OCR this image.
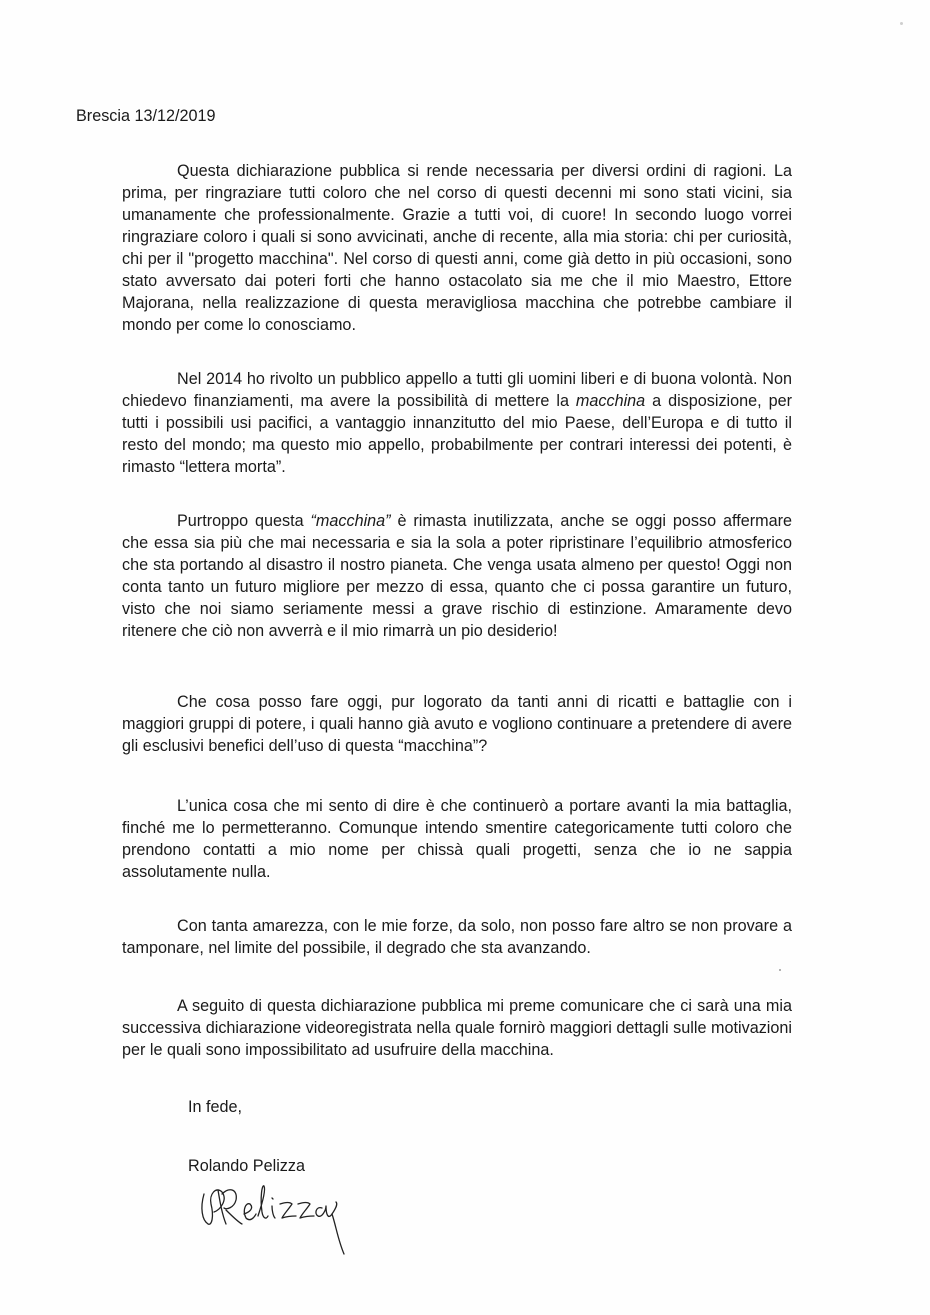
Brescia 13/12/2019

Questa dichiarazione pubblica si rende necessaria per diversi ordini di ragioni. La prima, per ringraziare tutti coloro che nel corso di questi decenni mi sono stati vicini, sia umanamente che professionalmente. Grazie a tutti voi, di cuore! In secondo luogo vorrei ringraziare coloro i quali si sono avvicinati, anche di recente, alla mia storia: chi per curiosità, chi per il "progetto macchina". Nel corso di questi anni, come già detto in più occasioni, sono stato avversato dai poteri forti che hanno ostacolato sia me che il mio Maestro, Ettore Majorana, nella realizzazione di questa meravigliosa macchina che potrebbe cambiare il mondo per come lo conosciamo.

Nel 2014 ho rivolto un pubblico appello a tutti gli uomini liberi e di buona volontà. Non chiedevo finanziamenti, ma avere la possibilità di mettere la macchina a disposizione, per tutti i possibili usi pacifici, a vantaggio innanzitutto del mio Paese, dell’Europa e di tutto il resto del mondo; ma questo mio appello, probabilmente per contrari interessi dei potenti, è rimasto “lettera morta”.

Purtroppo questa “macchina” è rimasta inutilizzata, anche se oggi posso affermare che essa sia più che mai necessaria e sia la sola a poter ripristinare l’equilibrio atmosferico che sta portando al disastro il nostro pianeta. Che venga usata almeno per questo! Oggi non conta tanto un futuro migliore per mezzo di essa, quanto che ci possa garantire un futuro, visto che noi siamo seriamente messi a grave rischio di estinzione. Amaramente devo ritenere che ciò non avverrà e il mio rimarrà un pio desiderio!

Che cosa posso fare oggi, pur logorato da tanti anni di ricatti e battaglie con i maggiori gruppi di potere, i quali hanno già avuto e vogliono continuare a pretendere di avere gli esclusivi benefici dell’uso di questa “macchina”?

L’unica cosa che mi sento di dire è che continuerò a portare avanti la mia battaglia, finché me lo permetteranno. Comunque intendo smentire categoricamente tutti coloro che prendono contatti a mio nome per chissà quali progetti, senza che io ne sappia assolutamente nulla.

Con tanta amarezza, con le mie forze, da solo, non posso fare altro se non provare a tamponare, nel limite del possibile, il degrado che sta avanzando.

A seguito di questa dichiarazione pubblica mi preme comunicare che ci sarà una mia successiva dichiarazione videoregistrata nella quale fornirò maggiori dettagli sulle motivazioni per le quali sono impossibilitato ad usufruire della macchina.

In fede,

Rolando Pelizza
